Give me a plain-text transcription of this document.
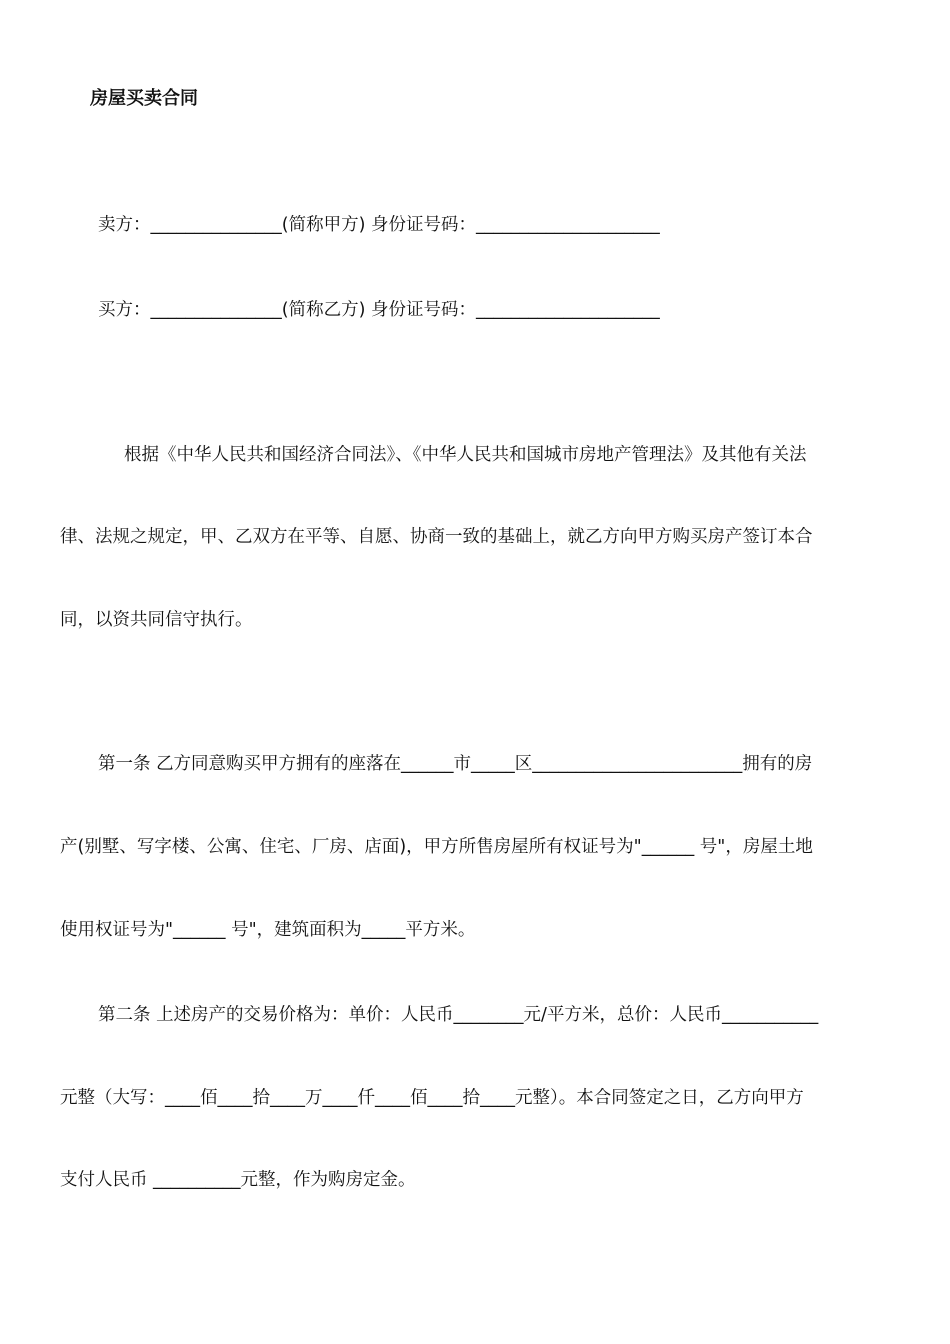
房屋买卖合同
卖方：_______________(简称甲方) 身份证号码：_____________________
买方：_______________(简称乙方) 身份证号码：_____________________
根据《中华人民共和国经济合同法》、《中华人民共和国城市房地产管理法》及其他有关法
律、法规之规定，甲、乙双方在平等、自愿、协商一致的基础上，就乙方向甲方购买房产签订本合
同，以资共同信守执行。
第一条 乙方同意购买甲方拥有的座落在______市_____区________________________拥有的房
产(别墅、写字楼、公寓、住宅、厂房、店面)，甲方所售房屋所有权证号为"______ 号"，房屋土地
使用权证号为"______ 号"，建筑面积为_____平方米。
第二条 上述房产的交易价格为：单价：人民币________元/平方米，总价：人民币___________
元整（大写：____佰____拾____万____仟____佰____拾____元整）。本合同签定之日，乙方向甲方
支付人民币 __________元整，作为购房定金。
